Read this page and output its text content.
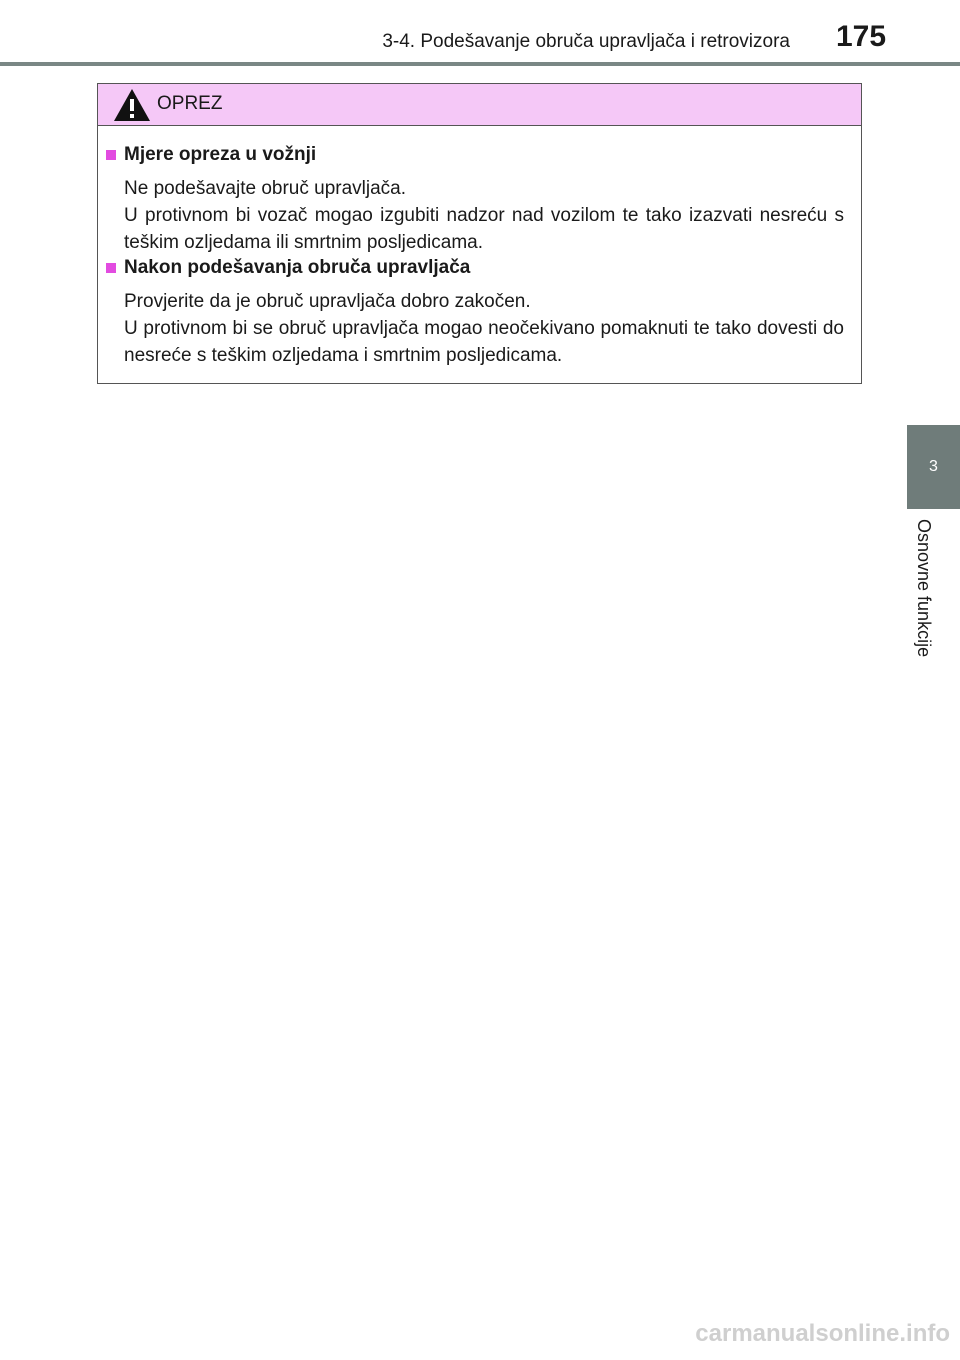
3-4. Podešavanje obruča upravljača i retrovizora 175
3
Osnovne funkcije
OPREZ
Mjere opreza u vožnji
Ne podešavajte obruč upravljača.
U protivnom bi vozač mogao izgubiti nadzor nad vozilom te tako izazvati nesreću s teškim ozljedama ili smrtnim posljedicama.
Nakon podešavanja obruča upravljača
Provjerite da je obruč upravljača dobro zakočen.
U protivnom bi se obruč upravljača mogao neočekivano pomaknuti te tako dovesti do nesreće s teškim ozljedama i smrtnim posljedicama.
carmanualsonline.info
